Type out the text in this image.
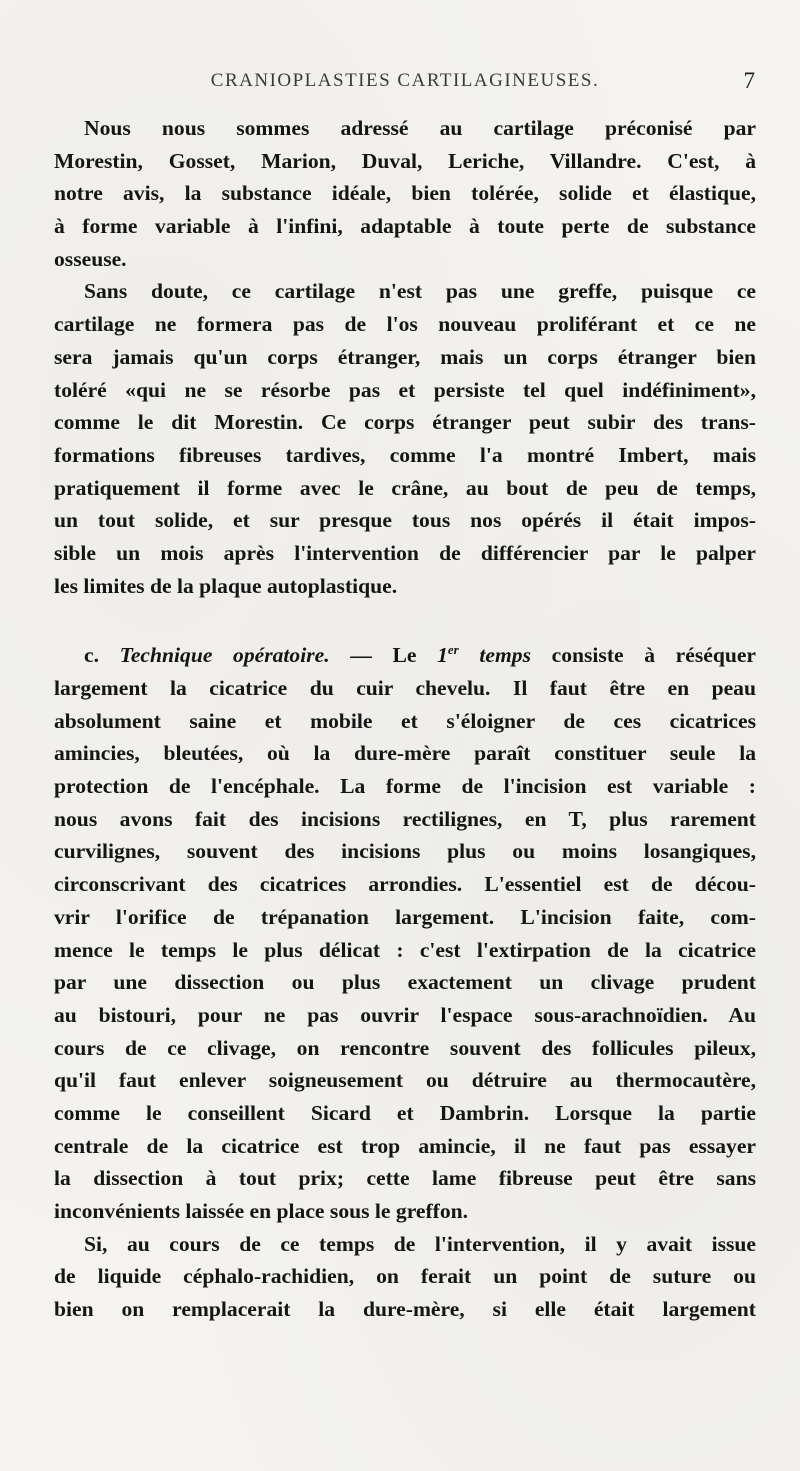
CRANIOPLASTIES CARTILAGINEUSES.	7
Nous nous sommes adressé au cartilage préconisé par
Morestin, Gosset, Marion, Duval, Leriche, Villandre. C'est, à
notre avis, la substance idéale, bien tolérée, solide et élastique,
à forme variable à l'infini, adaptable à toute perte de substance
osseuse.
Sans doute, ce cartilage n'est pas une greffe, puisque ce
cartilage ne formera pas de l'os nouveau proliférant et ce ne
sera jamais qu'un corps étranger, mais un corps étranger bien
toléré «qui ne se résorbe pas et persiste tel quel indéfiniment»,
comme le dit Morestin. Ce corps étranger peut subir des trans-
formations fibreuses tardives, comme l'a montré Imbert, mais
pratiquement il forme avec le crâne, au bout de peu de temps,
un tout solide, et sur presque tous nos opérés il était impos-
sible un mois après l'intervention de différencier par le palper
les limites de la plaque autoplastique.
c. Technique opératoire. — Le 1er temps consiste à réséquer
largement la cicatrice du cuir chevelu. Il faut être en peau
absolument saine et mobile et s'éloigner de ces cicatrices
amincies, bleutées, où la dure-mère paraît constituer seule la
protection de l'encéphale. La forme de l'incision est variable :
nous avons fait des incisions rectilignes, en T, plus rarement
curvilignes, souvent des incisions plus ou moins losangiques,
circonscrivant des cicatrices arrondies. L'essentiel est de décou-
vrir l'orifice de trépanation largement. L'incision faite, com-
mence le temps le plus délicat : c'est l'extirpation de la cicatrice
par une dissection ou plus exactement un clivage prudent
au bistouri, pour ne pas ouvrir l'espace sous-arachnoïdien. Au
cours de ce clivage, on rencontre souvent des follicules pileux,
qu'il faut enlever soigneusement ou détruire au thermocautère,
comme le conseillent Sicard et Dambrin. Lorsque la partie
centrale de la cicatrice est trop amincie, il ne faut pas essayer
la dissection à tout prix; cette lame fibreuse peut être sans
inconvénients laissée en place sous le greffon.
Si, au cours de ce temps de l'intervention, il y avait issue
de liquide céphalo-rachidien, on ferait un point de suture ou
bien on remplacerait la dure-mère, si elle était largement
